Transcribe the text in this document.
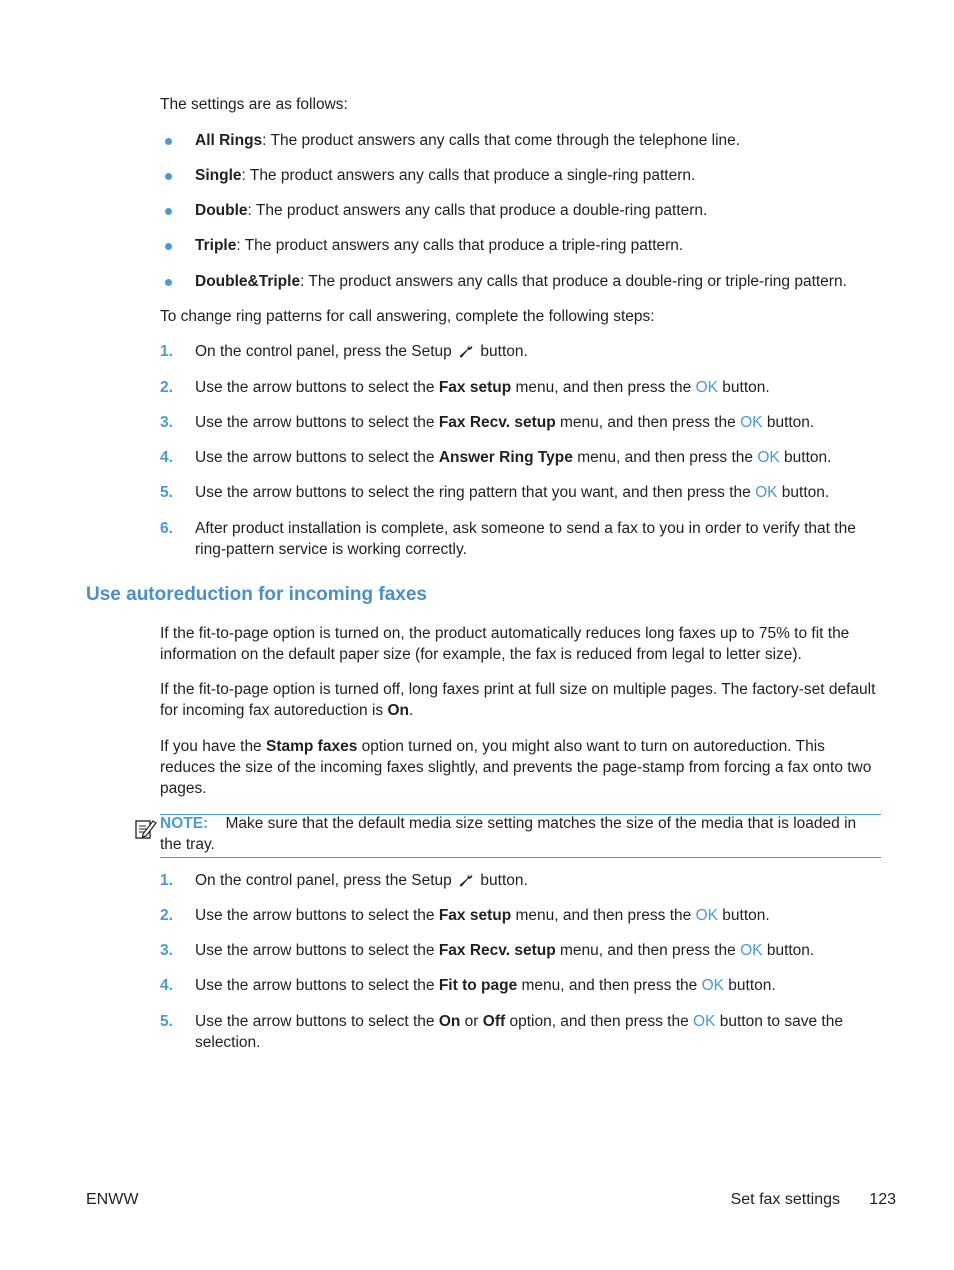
The settings are as follows:

All Rings: The product answers any calls that come through the telephone line.

Single: The product answers any calls that produce a single-ring pattern.

Double: The product answers any calls that produce a double-ring pattern.

Triple: The product answers any calls that produce a triple-ring pattern.

Double&Triple: The product answers any calls that produce a double-ring or triple-ring pattern.

To change ring patterns for call answering, complete the following steps:

1.	On the control panel, press the Setup button.

2.	Use the arrow buttons to select the Fax setup menu, and then press the OK button.

3.	Use the arrow buttons to select the Fax Recv. setup menu, and then press the OK button.

4.	Use the arrow buttons to select the Answer Ring Type menu, and then press the OK button.

5.	Use the arrow buttons to select the ring pattern that you want, and then press the OK button.

6.	After product installation is complete, ask someone to send a fax to you in order to verify that the ring-pattern service is working correctly.

Use autoreduction for incoming faxes

If the fit-to-page option is turned on, the product automatically reduces long faxes up to 75% to fit the information on the default paper size (for example, the fax is reduced from legal to letter size).

If the fit-to-page option is turned off, long faxes print at full size on multiple pages. The factory-set default for incoming fax autoreduction is On.

If you have the Stamp faxes option turned on, you might also want to turn on autoreduction. This reduces the size of the incoming faxes slightly, and prevents the page-stamp from forcing a fax onto two pages.

NOTE: Make sure that the default media size setting matches the size of the media that is loaded in the tray.

1.	On the control panel, press the Setup button.

2.	Use the arrow buttons to select the Fax setup menu, and then press the OK button.

3.	Use the arrow buttons to select the Fax Recv. setup menu, and then press the OK button.

4.	Use the arrow buttons to select the Fit to page menu, and then press the OK button.

5.	Use the arrow buttons to select the On or Off option, and then press the OK button to save the selection.

ENWW	Set fax settings 123
